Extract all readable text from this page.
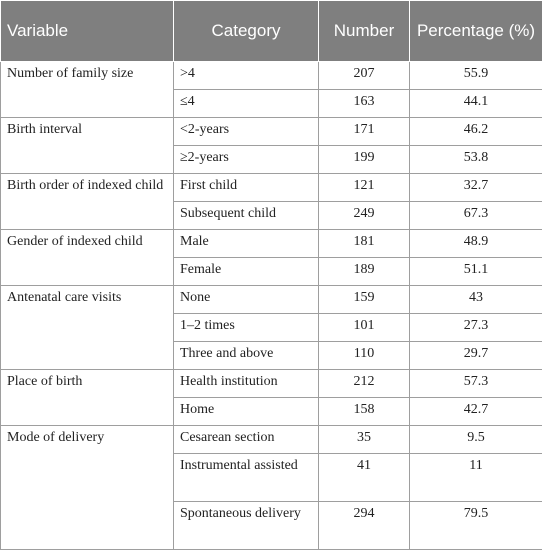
Variable	Category	Number	Percentage (%)
Number of family size	>4	207	55.9
	≤4	163	44.1
Birth interval	<2-years	171	46.2
	≥2-years	199	53.8
Birth order of indexed child	First child	121	32.7
	Subsequent child	249	67.3
Gender of indexed child	Male	181	48.9
	Female	189	51.1
Antenatal care visits	None	159	43
	1–2 times	101	27.3
	Three and above	110	29.7
Place of birth	Health institution	212	57.3
	Home	158	42.7
Mode of delivery	Cesarean section	35	9.5
	Instrumental assisted	41	11
	Spontaneous delivery	294	79.5
